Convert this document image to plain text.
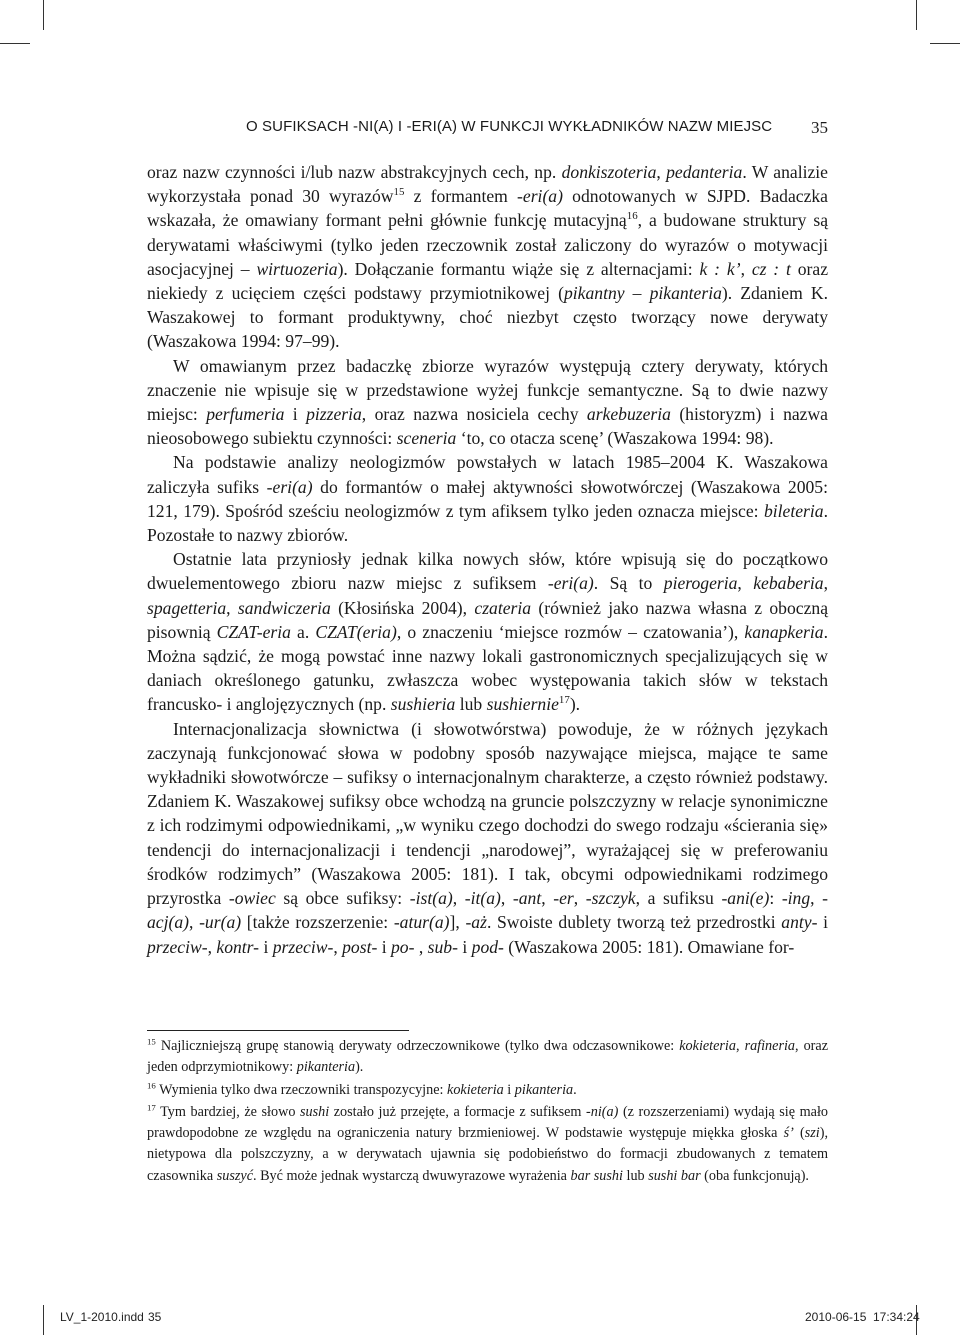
O SUFIKSACH -NI(A) I -ERI(A) W FUNKCJI WYKŁADNIKÓW NAZW MIEJSC 35

oraz nazw czynności i/lub nazw abstrakcyjnych cech, np. donkiszoteria, pedanteria. W analizie wykorzystała ponad 30 wyrazów$^{15}$ z formantem -eri(a) odnotowanych w SJPD. Badaczka wskazała, że omawiany formant pełni głównie funkcję mutacyjną$^{16}$, a budowane struktury są derywatami właściwymi (tylko jeden rzeczownik został zaliczony do wyrazów o motywacji asocjacyjnej – wirtuozeria). Dołączanie formantu wiąże się z alternacjami: k : k’, cz : t oraz niekiedy z ucięciem części podstawy przymiotnikowej (pikantny – pikanteria). Zdaniem K. Waszakowej to formant produktywny, choć niezbyt często tworzący nowe derywaty (Waszakowa 1994: 97–99).

W omawianym przez badaczkę zbiorze wyrazów występują cztery derywaty, których znaczenie nie wpisuje się w przedstawione wyżej funkcje semantyczne. Są to dwie nazwy miejsc: perfumeria i pizzeria, oraz nazwa nosiciela cechy arkebuzeria (historyzm) i nazwa nieosobowego subiektu czynności: sceneria ‘to, co otacza scenę’ (Waszakowa 1994: 98).

Na podstawie analizy neologizmów powstałych w latach 1985–2004 K. Waszakowa zaliczyła sufiks -eri(a) do formantów o małej aktywności słowotwórczej (Waszakowa 2005: 121, 179). Spośród sześciu neologizmów z tym afiksem tylko jeden oznacza miejsce: bileteria. Pozostałe to nazwy zbiorów.

Ostatnie lata przyniosły jednak kilka nowych słów, które wpisują się do początkowo dwuelementowego zbioru nazw miejsc z sufiksem -eri(a). Są to pierogeria, kebaberia, spagetteria, sandwiczeria (Kłosińska 2004), czateria (również jako nazwa własna z oboczną pisownią CZAT-eria a. CZAT(eria), o znaczeniu ‘miejsce rozmów – czatowania’), kanapkeria. Można sądzić, że mogą powstać inne nazwy lokali gastronomicznych specjalizujących się w daniach określonego gatunku, zwłaszcza wobec występowania takich słów w tekstach francusko- i anglojęzycznych (np. sushieria lub sushiernie$^{17}$).

Internacjonalizacja słownictwa (i słowotwórstwa) powoduje, że w różnych językach zaczynają funkcjonować słowa w podobny sposób nazywające miejsca, mające te same wykładniki słowotwórcze – sufiksy o internacjonalnym charakterze, a często również podstawy. Zdaniem K. Waszakowej sufiksy obce wchodzą na gruncie polszczyzny w relacje synonimiczne z ich rodzimymi odpowiednikami, „w wyniku czego dochodzi do swego rodzaju «ścierania się» tendencji do internacjonalizacji i tendencji „narodowej”, wyrażającej się w preferowaniu środków rodzimych” (Waszakowa 2005: 181). I tak, obcymi odpowiednikami rodzimego przyrostka -owiec są obce sufiksy: -ist(a), -it(a), -ant, -er, -szczyk, a sufiksu -ani(e): -ing, -acj(a), -ur(a) [także rozszerzenie: -atur(a)], -aż. Swoiste dublety tworzą też przedrostki anty- i przeciw-, kontr- i przeciw-, post- i po- , sub- i pod- (Waszakowa 2005: 181). Omawiane for-

$^{15}$ Najliczniejszą grupę stanowią derywaty odrzeczownikowe (tylko dwa odczasownikowe: kokieteria, rafineria, oraz jeden odprzymiotnikowy: pikanteria).

$^{16}$ Wymienia tylko dwa rzeczowniki transpozycyjne: kokieteria i pikanteria.

$^{17}$ Tym bardziej, że słowo sushi zostało już przejęte, a formacje z sufiksem -ni(a) (z rozszerzeniami) wydają się mało prawdopodobne ze względu na ograniczenia natury brzmieniowej. W podstawie występuje miękka głoska ś’ (szi), nietypowa dla polszczyzny, a w derywatach ujawnia się podobieństwo do formacji zbudowanych z tematem czasownika suszyć. Być może jednak wystarczą dwuwyrazowe wyrażenia bar sushi lub sushi bar (oba funkcjonują).

LV_1-2010.indd 35	2010-06-15 17:34:24
